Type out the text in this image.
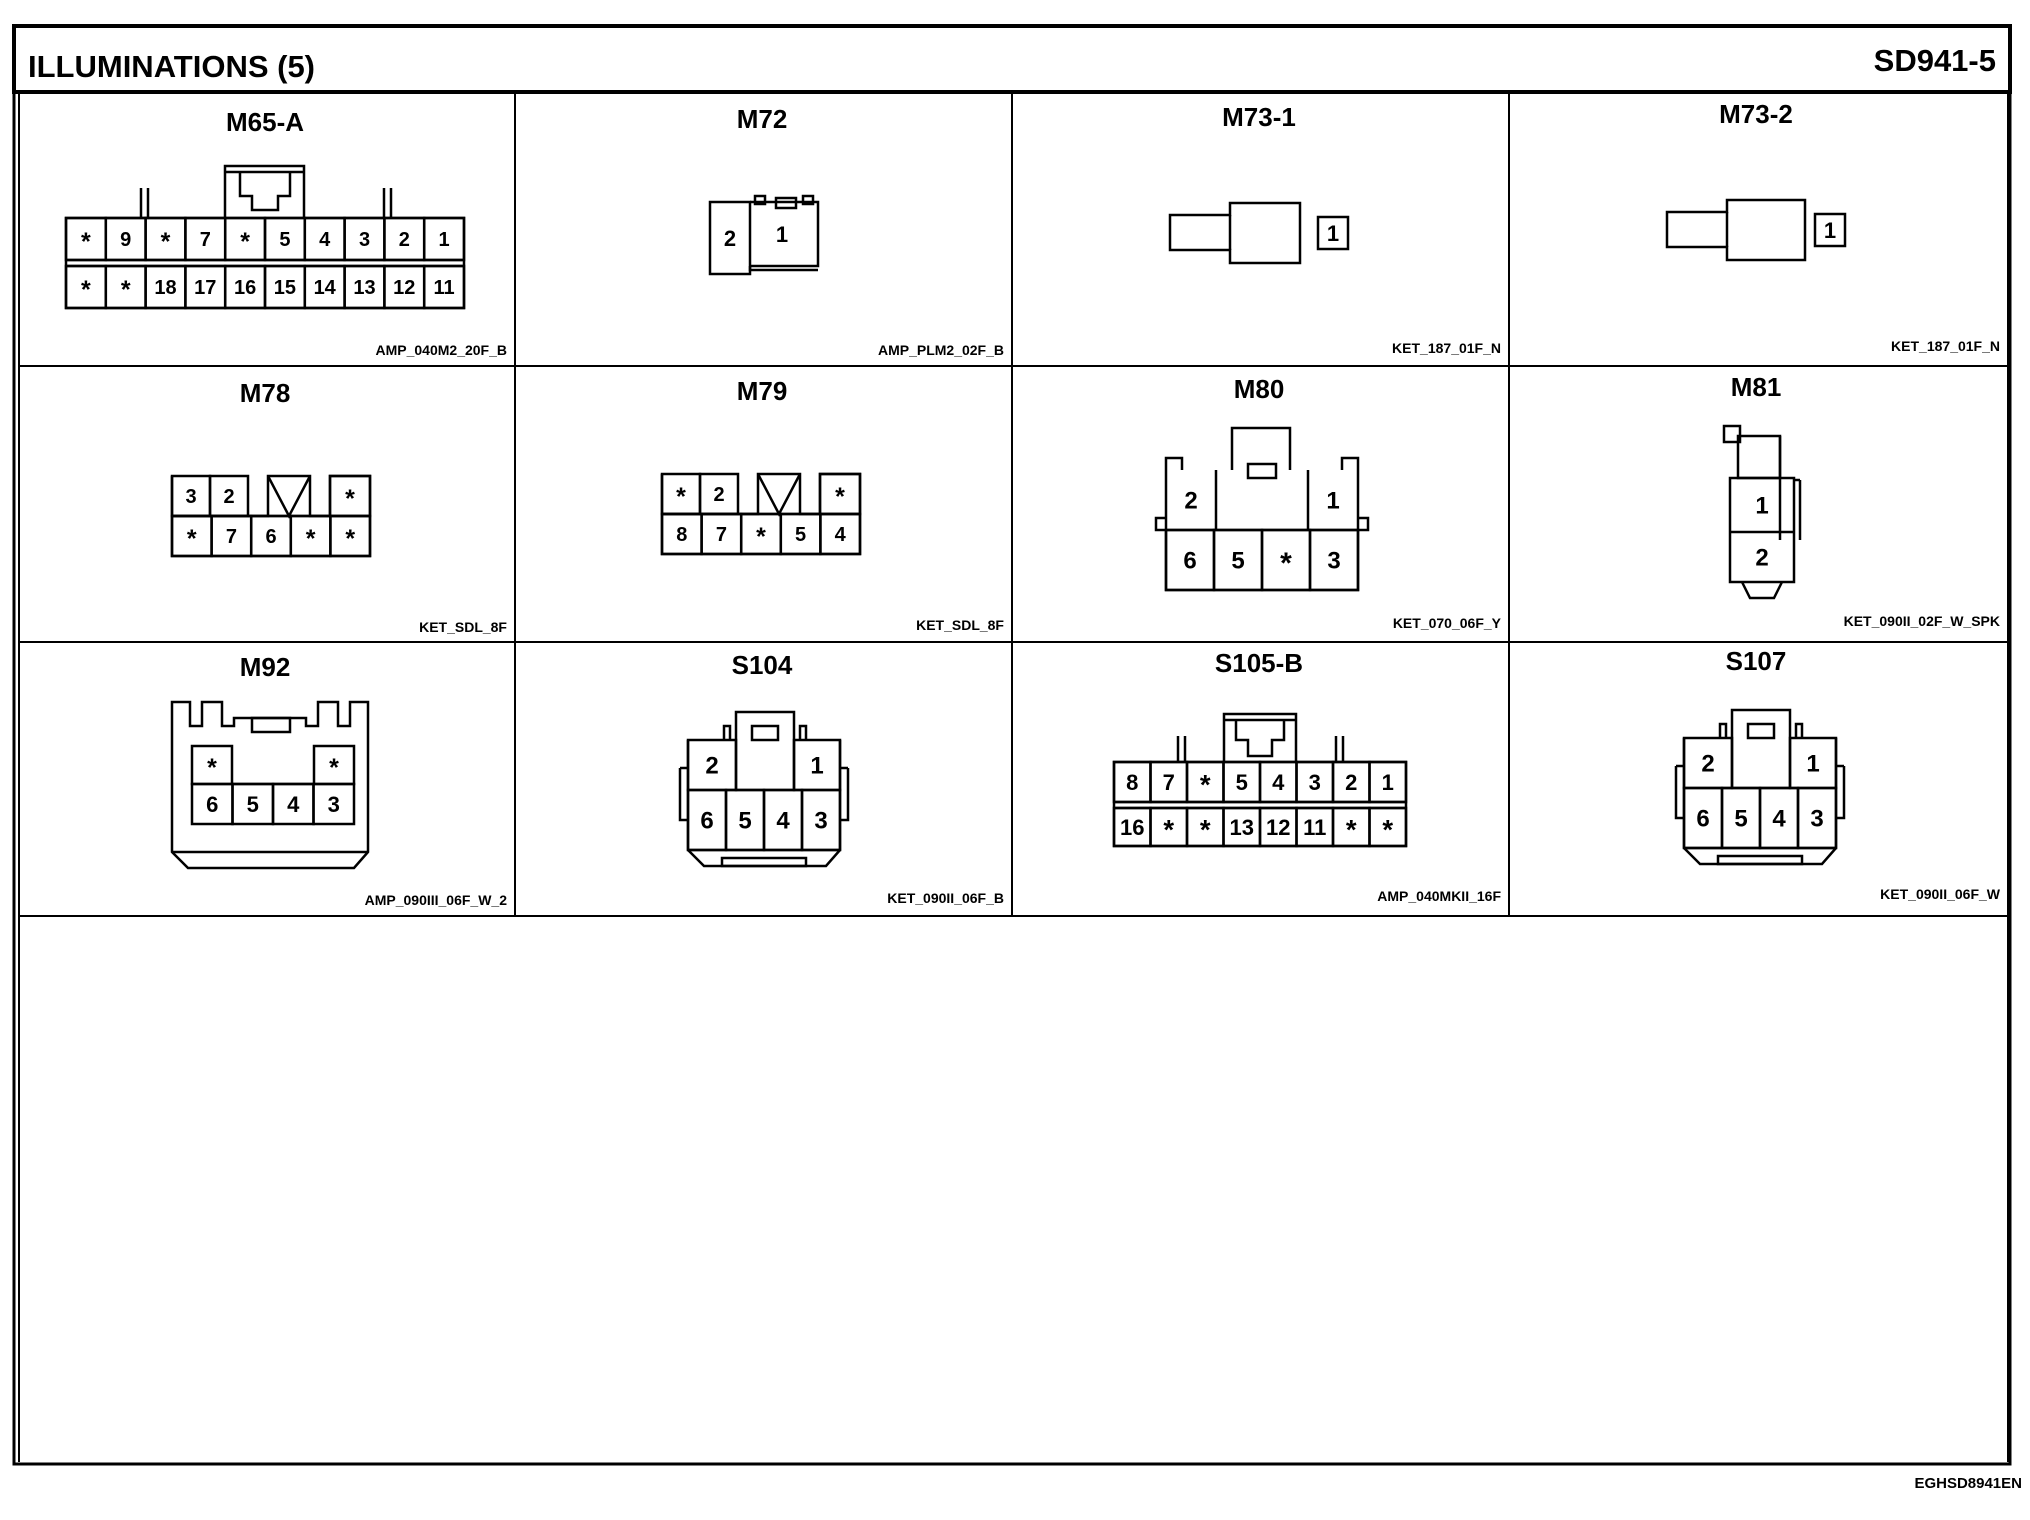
ILLUMINATIONS (5)	SD941-5
M65-A
AMP_040M2_20F_B
M72
AMP_PLM2_02F_B
M73-1
KET_187_01F_N
M73-2
KET_187_01F_N
M78
KET_SDL_8F
M79
KET_SDL_8F
M80
KET_070_06F_Y
M81
KET_090II_02F_W_SPK
M92
AMP_090III_06F_W_2
S104
KET_090II_06F_B
S105-B
AMP_040MKII_16F
S107
KET_090II_06F_W
* 9 * 7 * 5 4 3 2 1
* * 18 17 16 15 14 13 12 11
2 1	1	1
3 2	*
* 7 6 * *
* 2	*
8 7 * 5 4
2	1
6 5 * 3
1
2
*	*
6 5 4 3
2	1
6 5 4 3
8 7 * 5 4 3 2 1
16 * * 13 12 11 * *
2	1
6 5 4 3
EGHSD8941EN
